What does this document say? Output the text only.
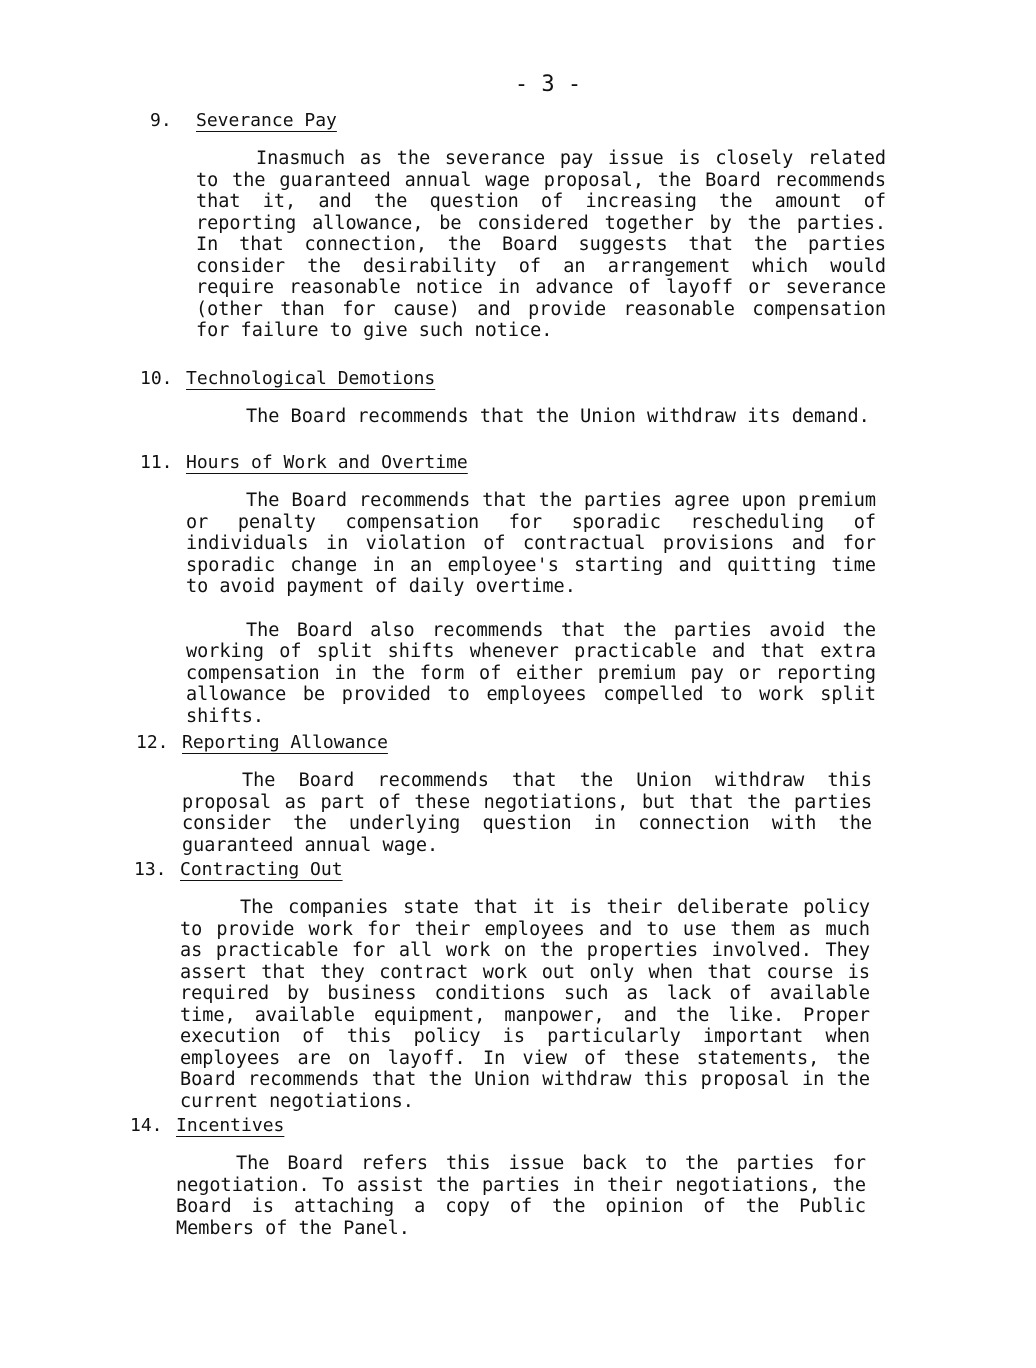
- 3 -
9. Severance Pay

Inasmuch as the severance pay issue is closely related to the guaranteed annual wage proposal, the Board recommends that it, and the question of increasing the amount of reporting allowance, be considered together by the parties. In that connection, the Board suggests that the parties consider the desirability of an arrangement which would require reasonable notice in advance of layoff or severance (other than for cause) and provide reasonable compensation for failure to give such notice.

10. Technological Demotions

The Board recommends that the Union withdraw its demand.

11. Hours of Work and Overtime

The Board recommends that the parties agree upon premium or penalty compensation for sporadic rescheduling of individuals in violation of contractual provisions and for sporadic change in an employee's starting and quitting time to avoid payment of daily overtime.

The Board also recommends that the parties avoid the working of split shifts whenever practicable and that extra compensation in the form of either premium pay or reporting allowance be provided to employees compelled to work split shifts.

12. Reporting Allowance

The Board recommends that the Union withdraw this proposal as part of these negotiations, but that the parties consider the underlying question in connection with the guaranteed annual wage.

13. Contracting Out

The companies state that it is their deliberate policy to provide work for their employees and to use them as much as practicable for all work on the properties involved. They assert that they contract work out only when that course is required by business conditions such as lack of available time, available equipment, manpower, and the like. Proper execution of this policy is particularly important when employees are on layoff. In view of these statements, the Board recommends that the Union withdraw this proposal in the current negotiations.

14. Incentives

The Board refers this issue back to the parties for negotiation. To assist the parties in their negotiations, the Board is attaching a copy of the opinion of the Public Members of the Panel.
